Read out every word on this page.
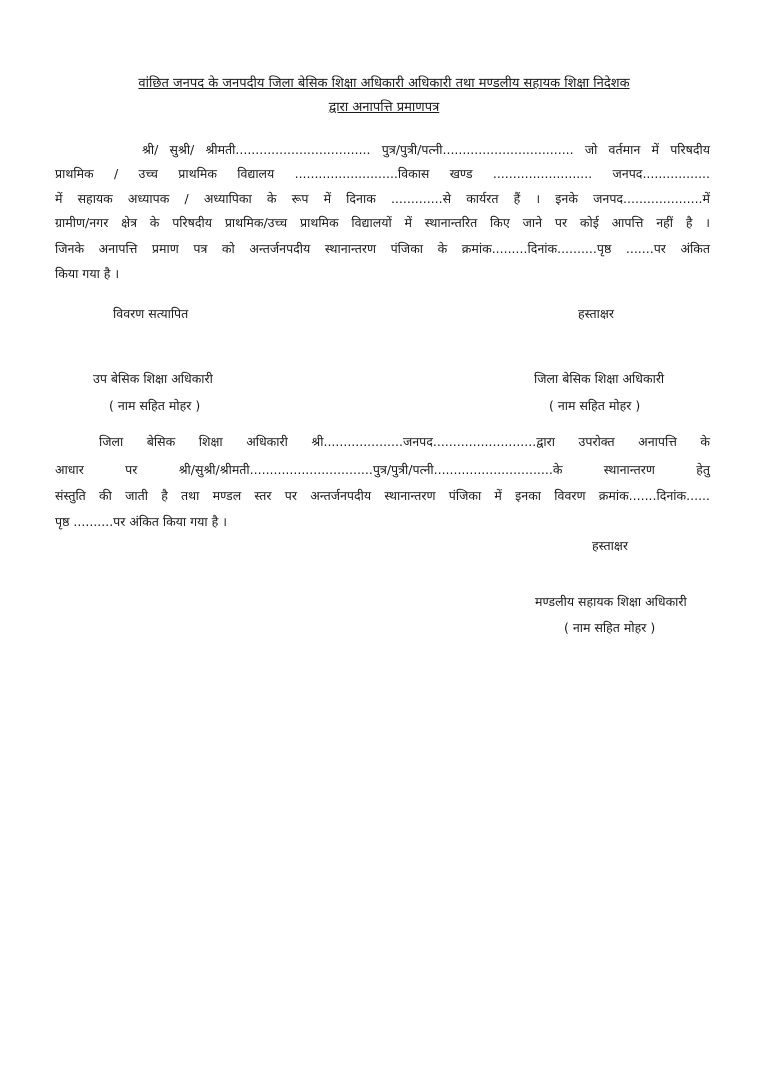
वांछित जनपद के जनपदीय जिला बेसिक शिक्षा अधिकारी अधिकारी तथा मण्डलीय सहायक शिक्षा निदेशक
द्वारा अनापत्ति प्रमाणपत्र
श्री/ सुश्री/ श्रीमती.................................. पुत्र/पुत्री/पत्नी................................. जो वर्तमान में परिषदीय
प्राथमिक / उच्च प्राथमिक विद्यालय ..........................विकास खण्ड ......................... जनपद.................
में सहायक अध्यापक / अध्यापिका के रूप में दिनाक .............से कार्यरत हैं । इनके जनपद....................में
ग्रामीण/नगर क्षेत्र के परिषदीय प्राथमिक/उच्च प्राथमिक विद्यालयों में स्थानान्तरित किए जाने पर कोई आपत्ति नहीं है ।
जिनके अनापत्ति प्रमाण पत्र को अन्तर्जनपदीय स्थानान्तरण पंजिका के क्रमांक.........दिनांक..........पृष्ठ .......पर अंकित
किया गया है ।
विवरण सत्यापित	हस्ताक्षर
उप बेसिक शिक्षा अधिकारी
( नाम सहित मोहर )
जिला बेसिक शिक्षा अधिकारी
( नाम सहित मोहर )
जिला बेसिक शिक्षा अधिकारी श्री....................जनपद..........................द्वारा उपरोक्त अनापत्ति के
आधार पर श्री/सुश्री/श्रीमती...............................पुत्र/पुत्री/पत्नी..............................के स्थानान्तरण हेतु
संस्तुति की जाती है तथा मण्डल स्तर पर अन्तर्जनपदीय स्थानान्तरण पंजिका में इनका विवरण क्रमांक.......दिनांक......
पृष्ठ ..........पर अंकित किया गया है ।
हस्ताक्षर
मण्डलीय सहायक शिक्षा अधिकारी
( नाम सहित मोहर )
